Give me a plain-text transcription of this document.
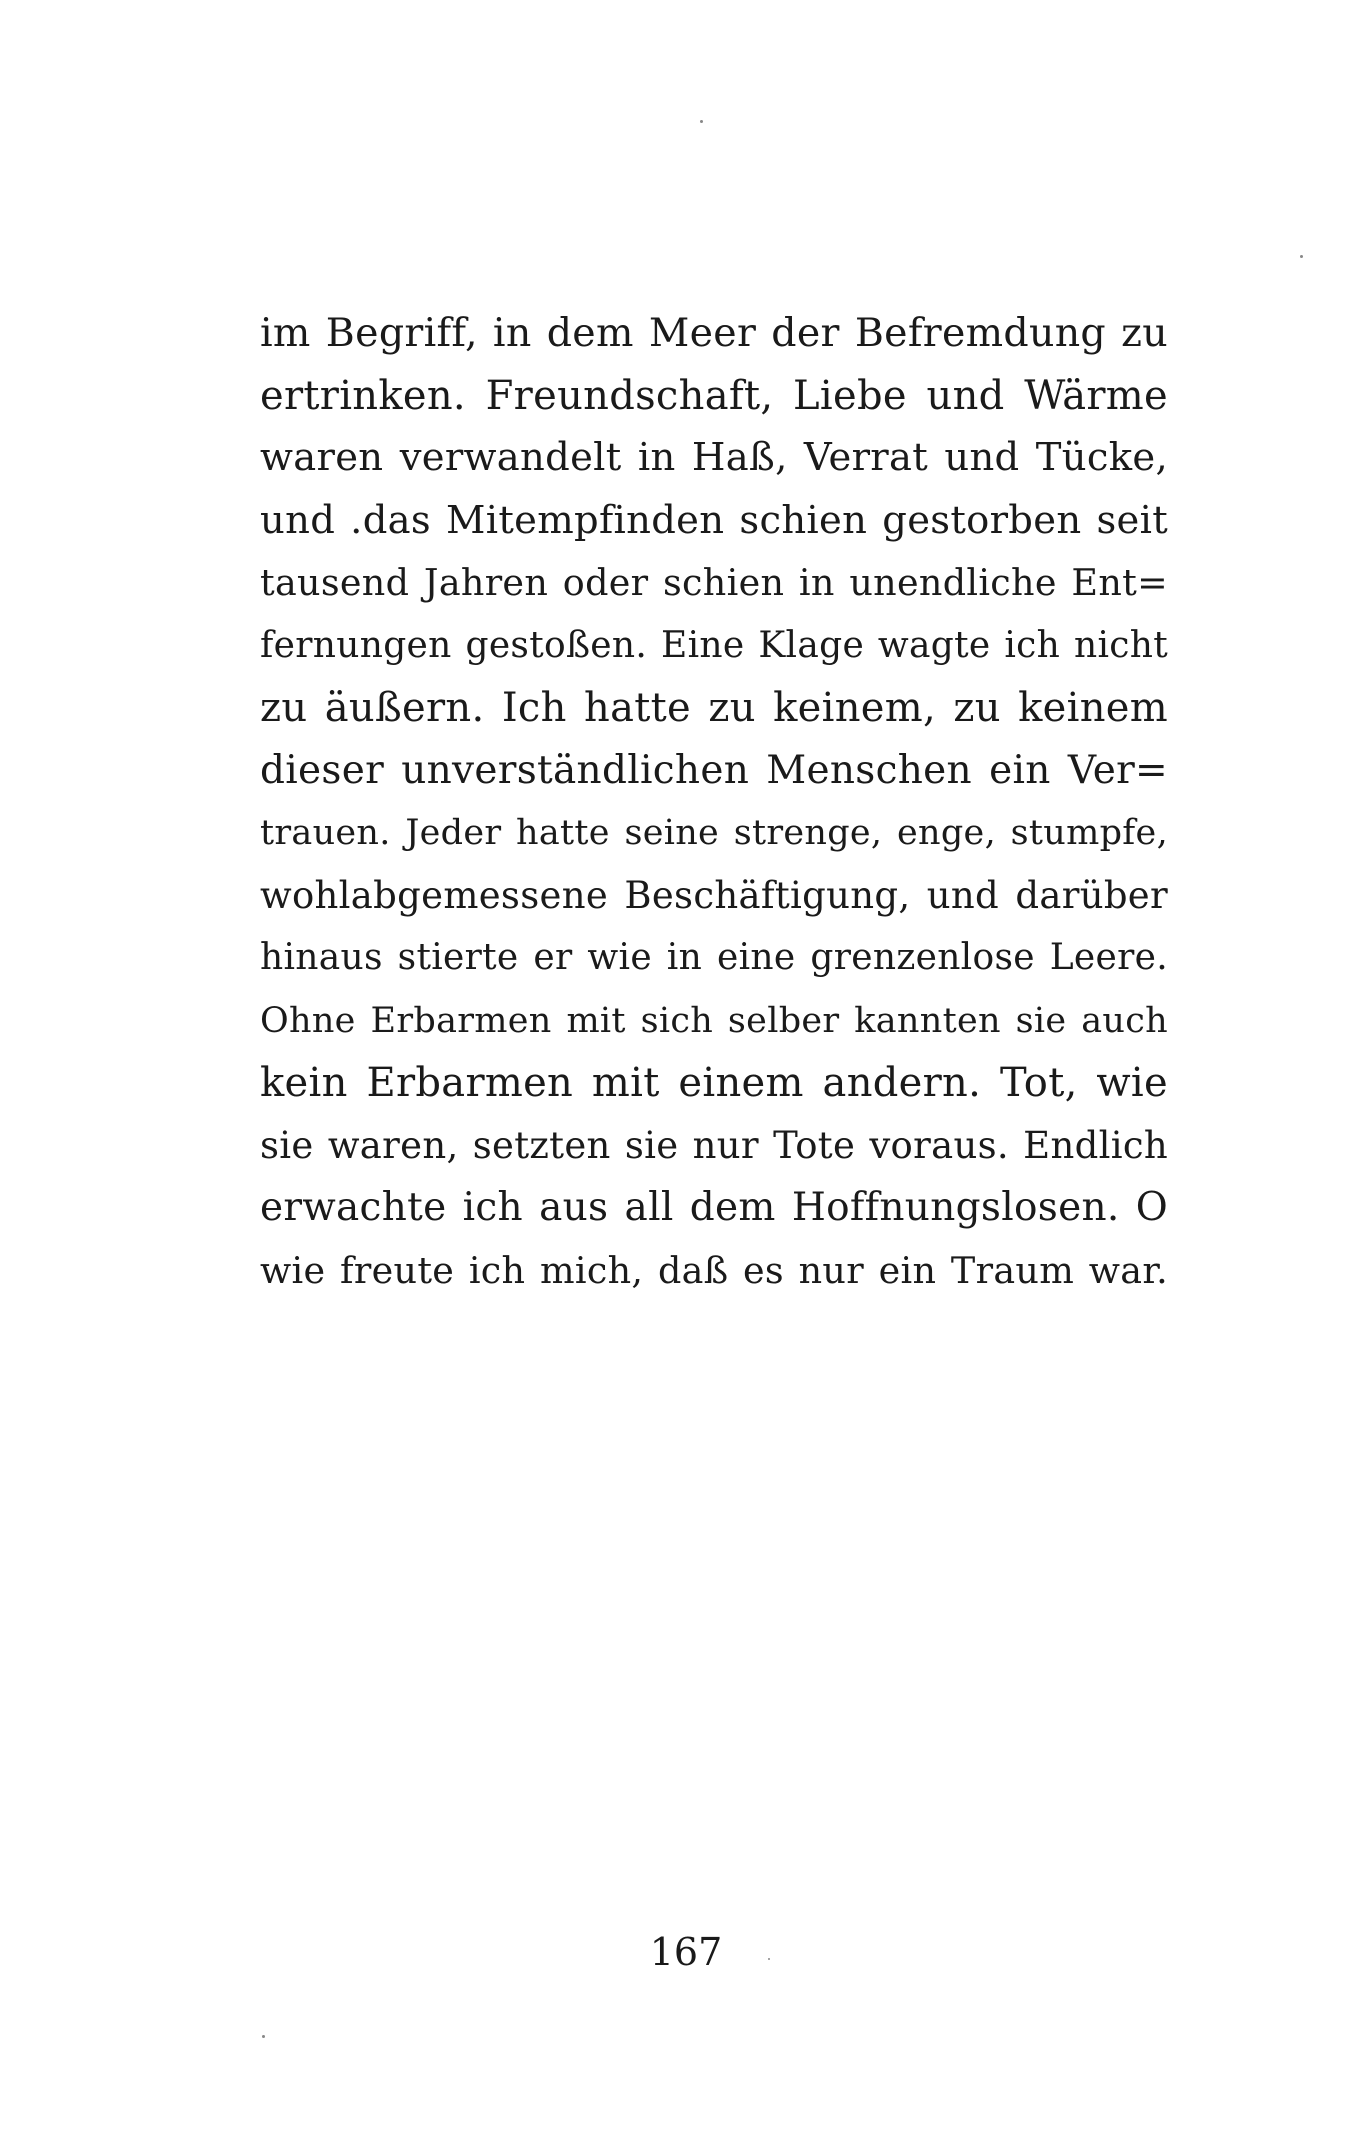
im Begriff, in dem Meer der Befremdung zu
ertrinken. Freundschaft, Liebe und Wärme
waren verwandelt in Haß, Verrat und Tücke,
und .das Mitempfinden schien gestorben seit
tausend Jahren oder schien in unendliche Ent=
fernungen gestoßen. Eine Klage wagte ich nicht
zu äußern. Ich hatte zu keinem, zu keinem
dieser unverständlichen Menschen ein Ver=
trauen. Jeder hatte seine strenge, enge, stumpfe,
wohlabgemessene Beschäftigung, und darüber
hinaus stierte er wie in eine grenzenlose Leere.
Ohne Erbarmen mit sich selber kannten sie auch
kein Erbarmen mit einem andern. Tot, wie
sie waren, setzten sie nur Tote voraus. Endlich
erwachte ich aus all dem Hoffnungslosen. O
wie freute ich mich, daß es nur ein Traum war.
167
